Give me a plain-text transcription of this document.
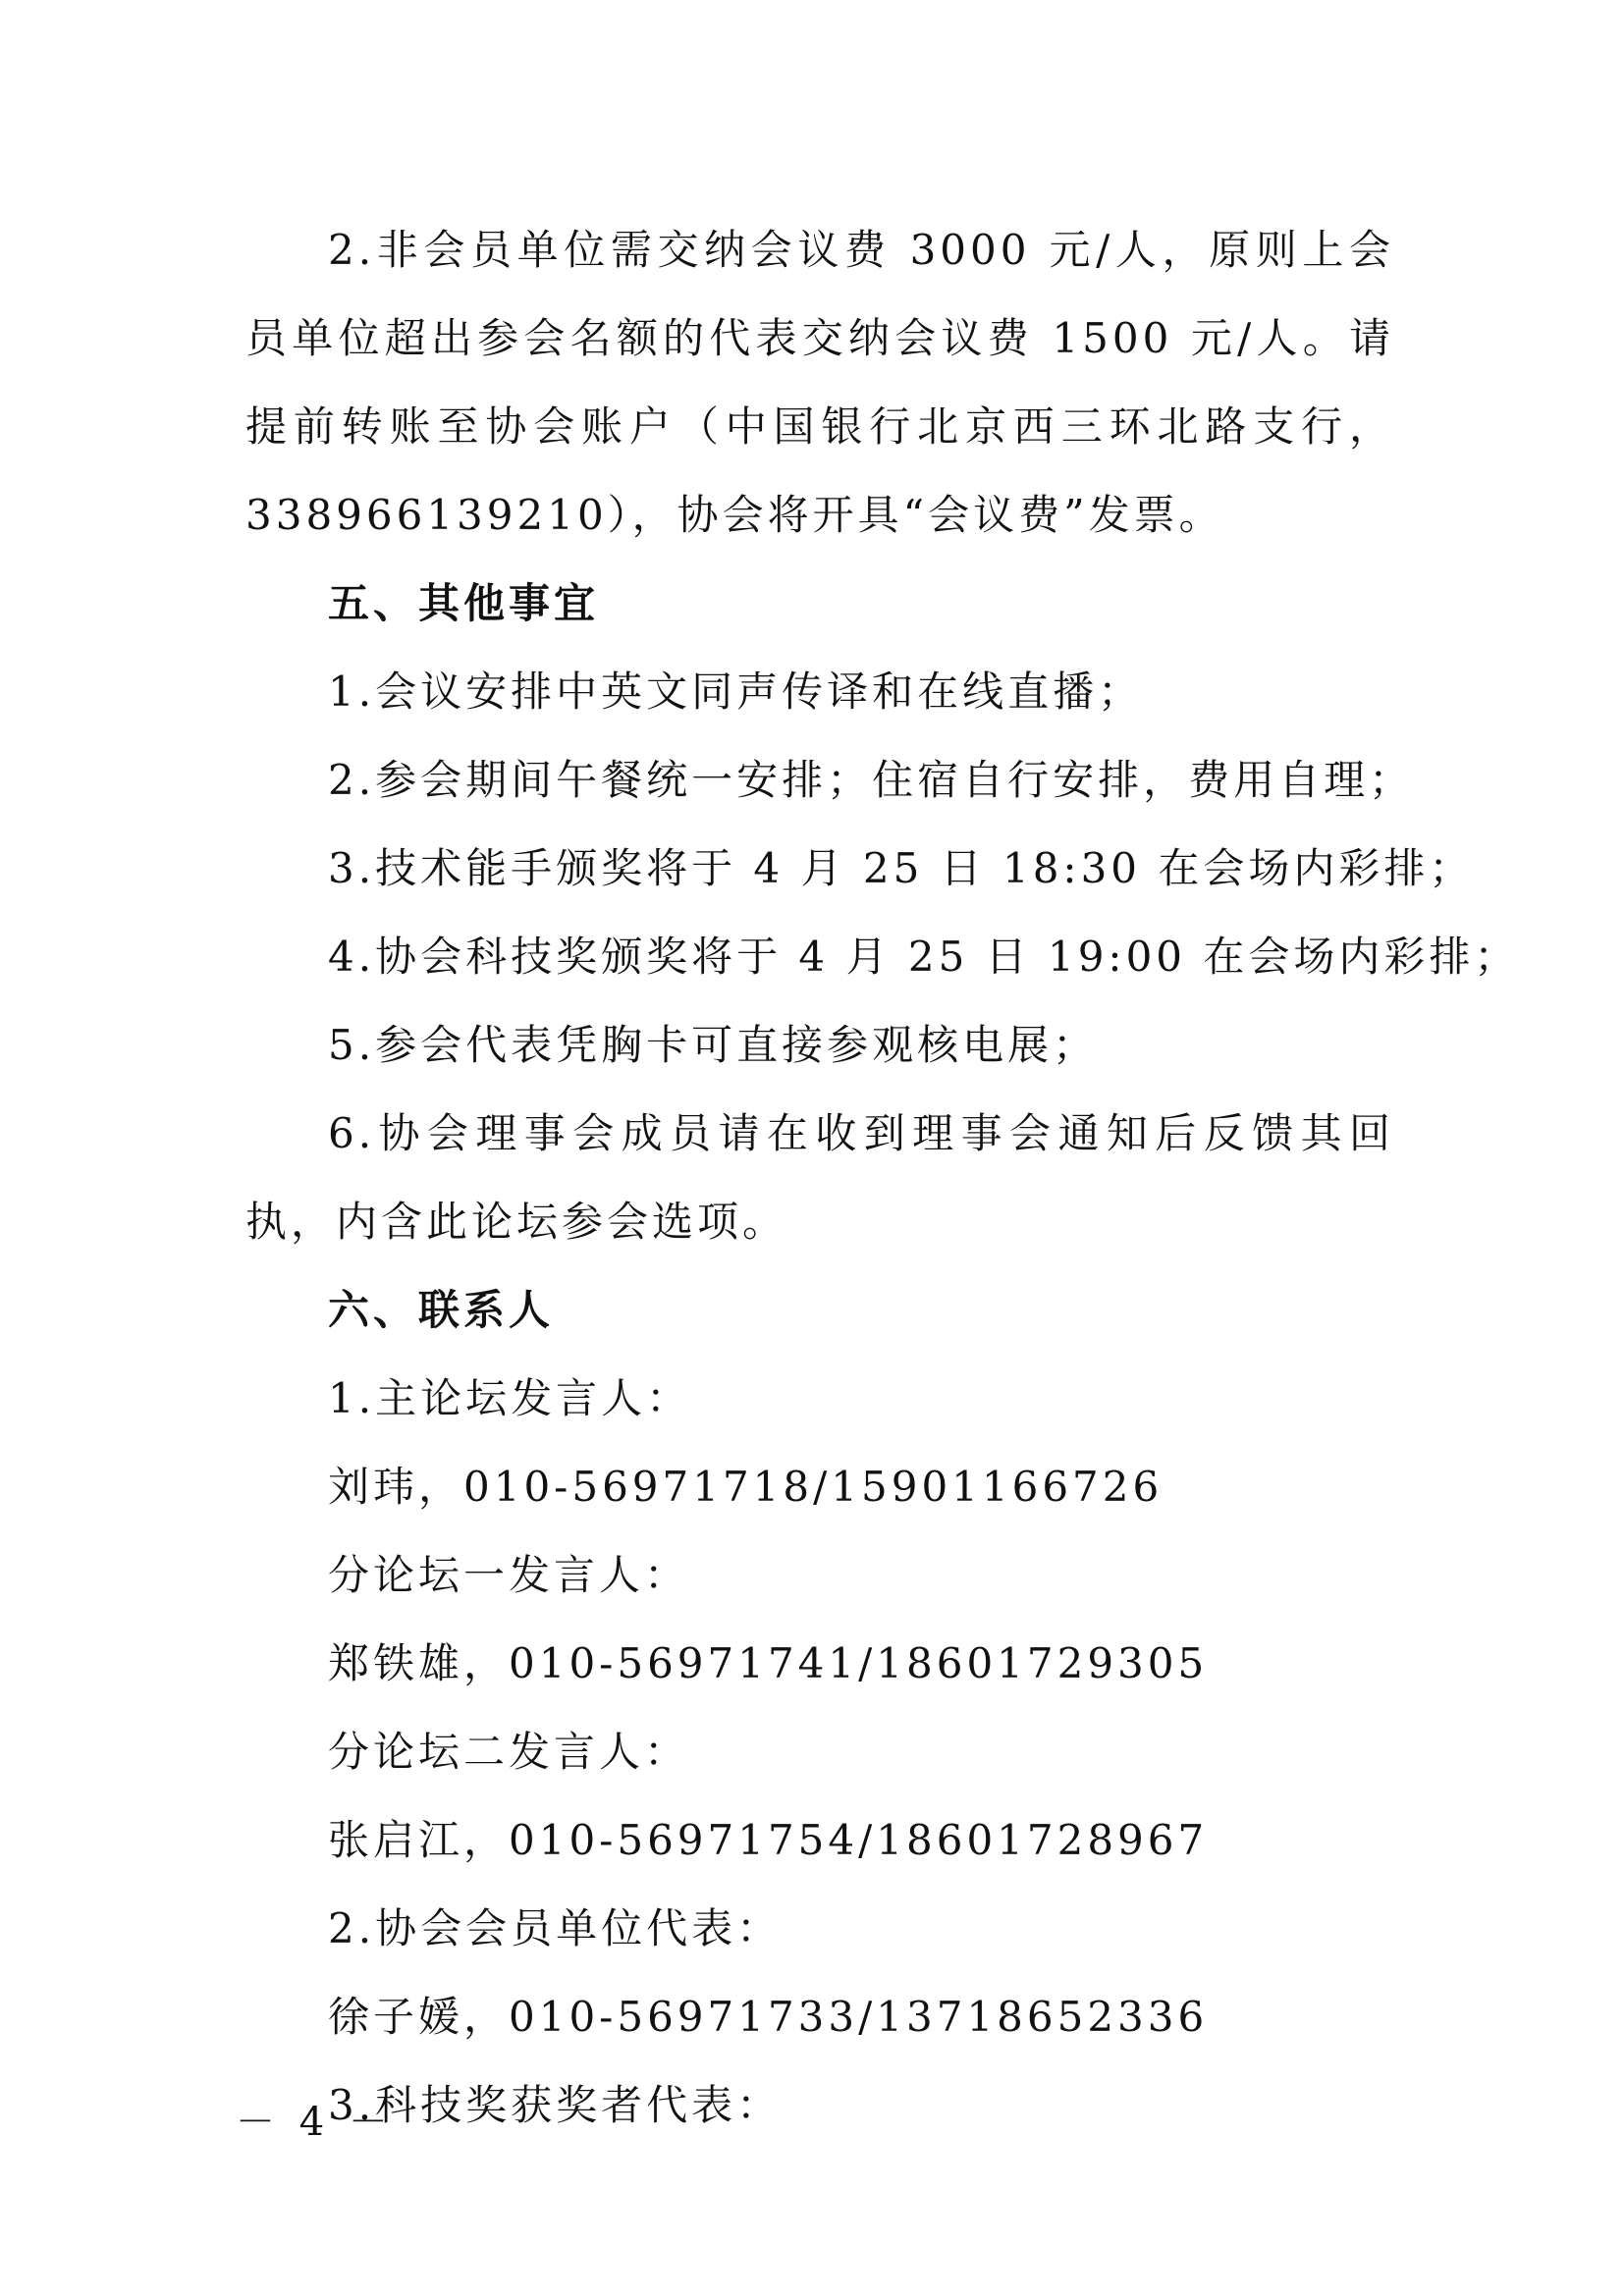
2.非会员单位需交纳会议费 3000 元/人，原则上会员单位超出参会名额的代表交纳会议费 1500 元/人。请提前转账至协会账户（中国银行北京西三环北路支行，338966139210），协会将开具“会议费”发票。

五、其他事宜
1.会议安排中英文同声传译和在线直播；
2.参会期间午餐统一安排；住宿自行安排，费用自理；
3.技术能手颁奖将于 4 月 25 日 18:30 在会场内彩排；
4.协会科技奖颁奖将于 4 月 25 日 19:00 在会场内彩排；
5.参会代表凭胸卡可直接参观核电展；

6.协会理事会成员请在收到理事会通知后反馈其回执，内含此论坛参会选项。

六、联系人
1.主论坛发言人：
刘玮，010-56971718/15901166726
分论坛一发言人：
郑铁雄，010-56971741/18601729305
分论坛二发言人：
张启江，010-56971754/18601728967
2.协会会员单位代表：
徐子媛，010-56971733/13718652336
3.科技奖获奖者代表：
－ 4 －
